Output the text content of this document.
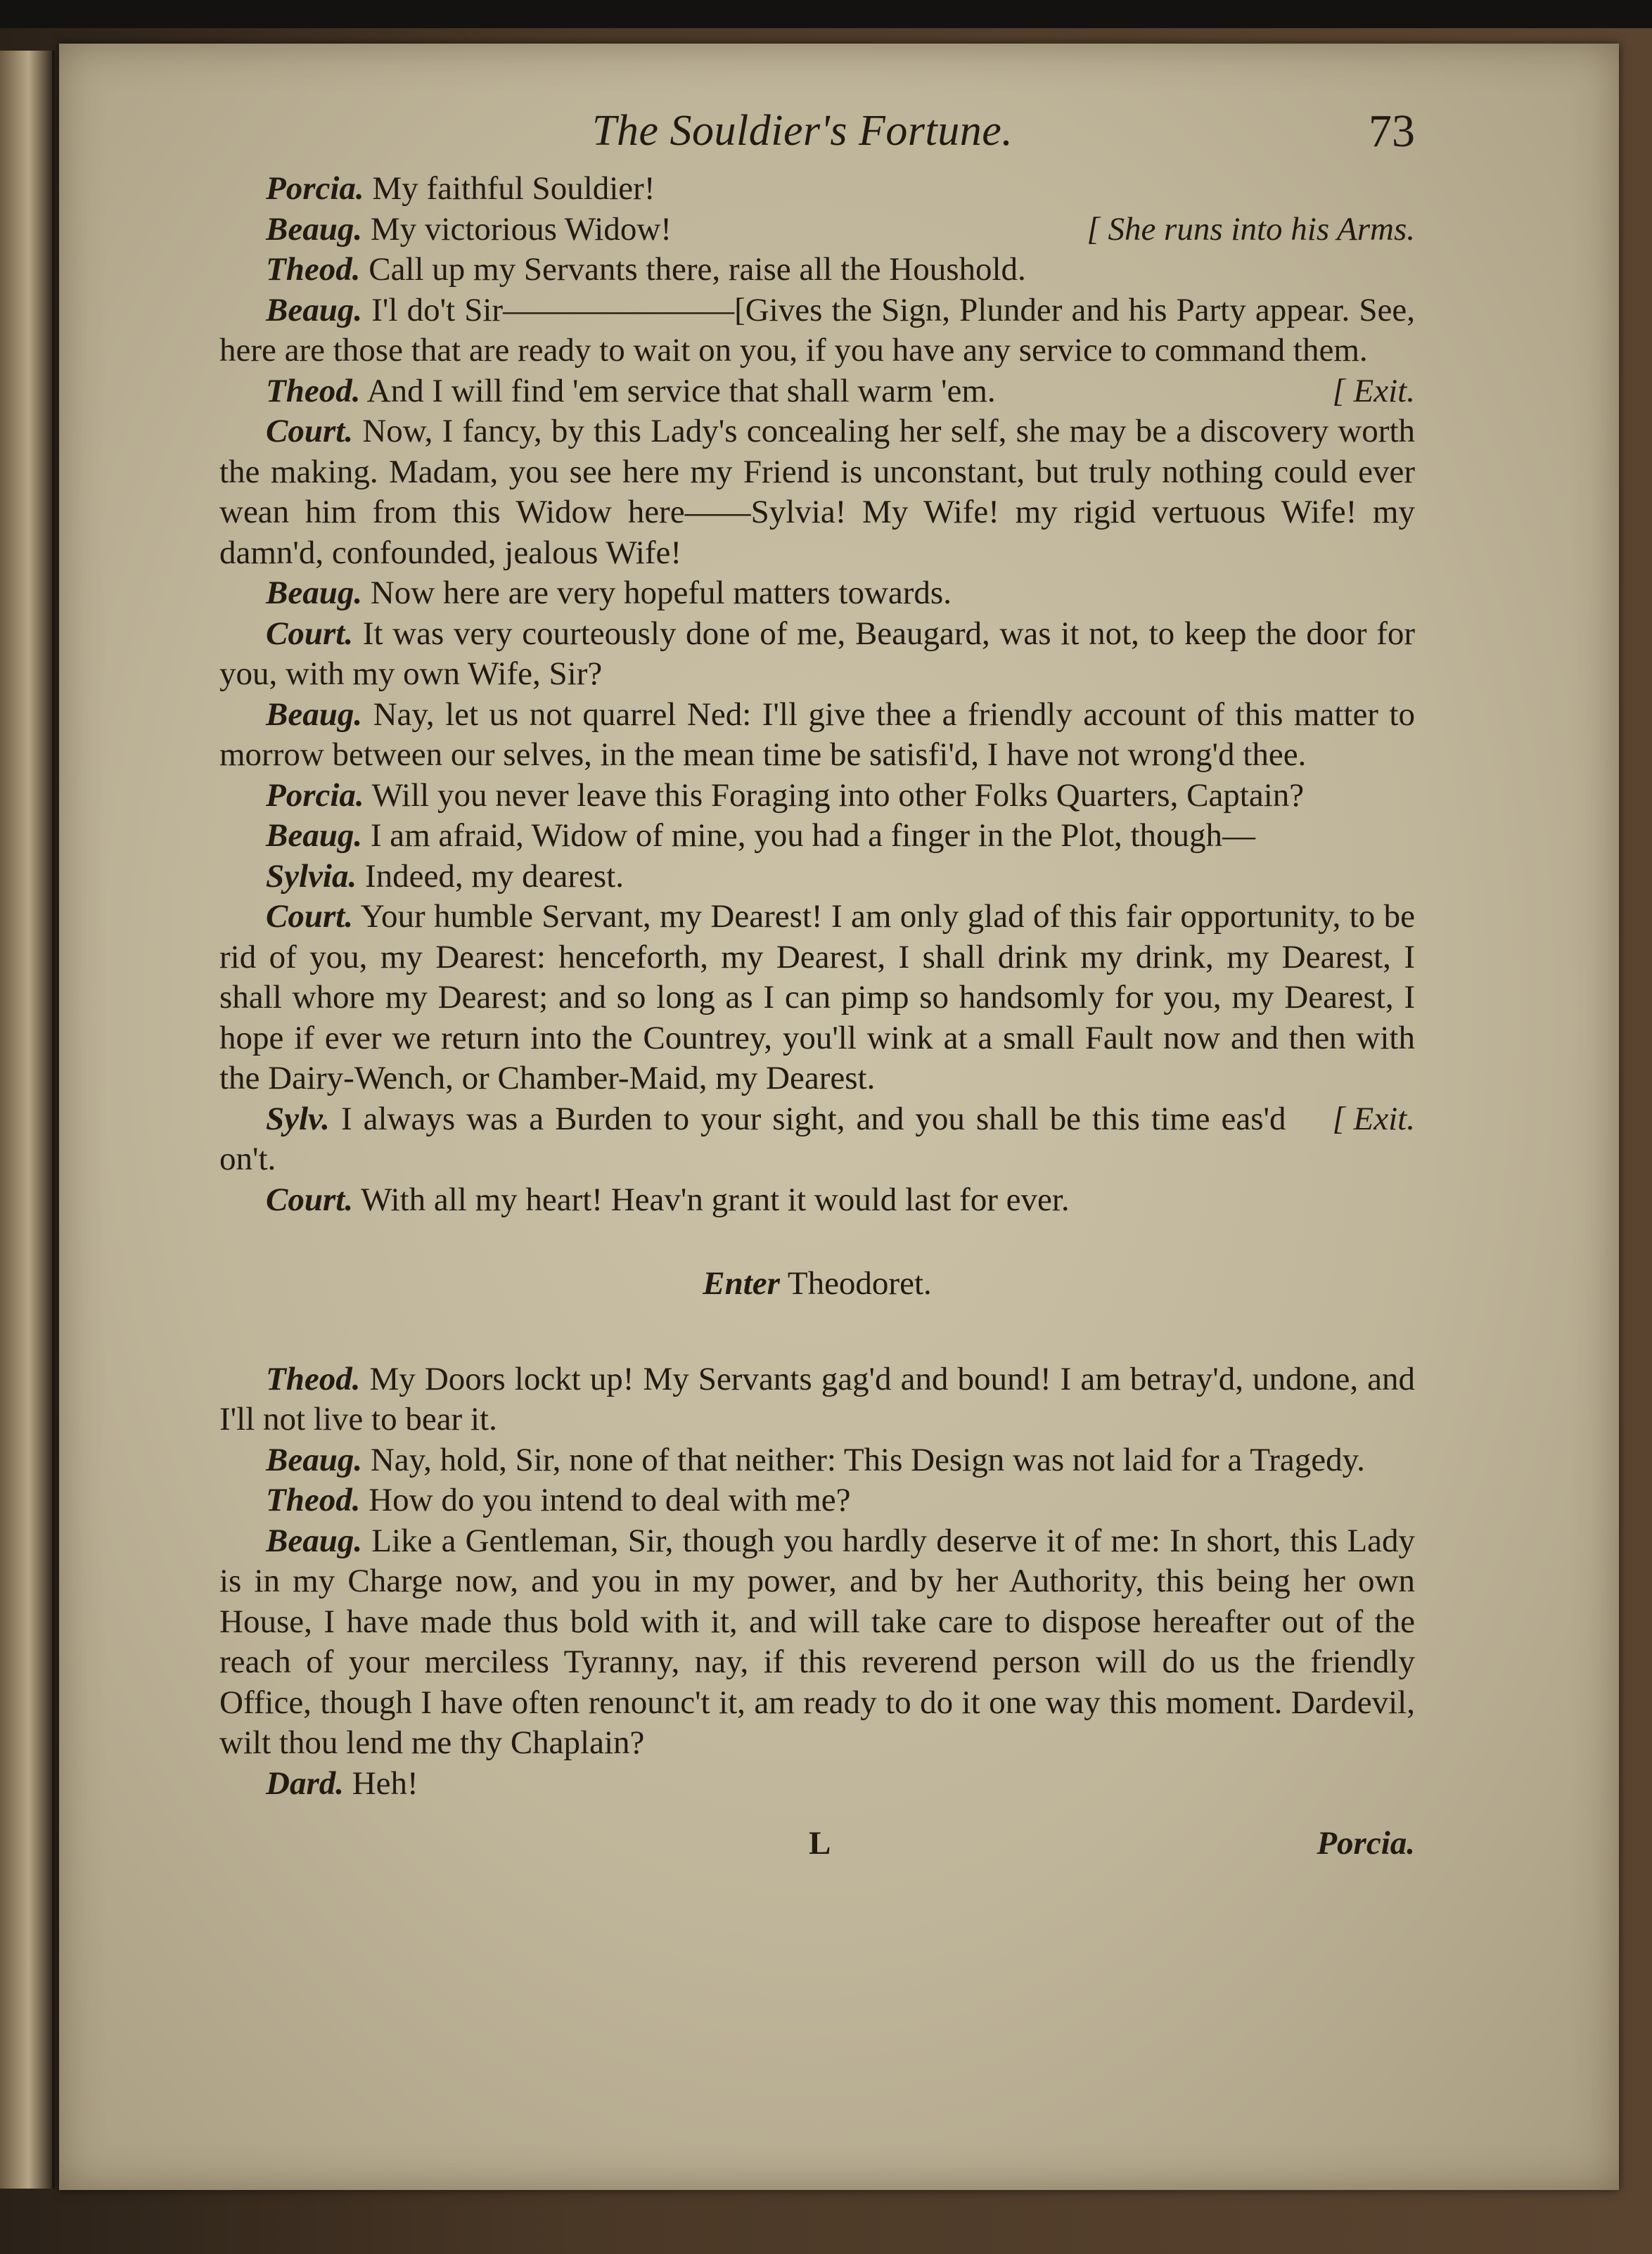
The Souldier's Fortune.	73

Porcia. My faithful Souldier!

[ She runs into his Arms.
Beaug. My victorious Widow!

Theod. Call up my Servants there, raise all the Houshold.

Beaug. I'l do't Sir———————[Gives the Sign, Plunder and his Party appear. See, here are those that are ready to wait on you, if you have any service to command them.

[ Exit.
Theod. And I will find 'em service that shall warm 'em.

Court. Now, I fancy, by this Lady's concealing her self, she may be a discovery worth the making. Madam, you see here my Friend is unconstant, but truly nothing could ever wean him from this Widow here——Sylvia! My Wife! my rigid vertuous Wife! my damn'd, confounded, jealous Wife!

Beaug. Now here are very hopeful matters towards.

Court. It was very courteously done of me, Beaugard, was it not, to keep the door for you, with my own Wife, Sir?

Beaug. Nay, let us not quarrel Ned: I'll give thee a friendly account of this matter to morrow between our selves, in the mean time be satisfi'd, I have not wrong'd thee.

Porcia. Will you never leave this Foraging into other Folks Quarters, Captain?

Beaug. I am afraid, Widow of mine, you had a finger in the Plot, though—

Sylvia. Indeed, my dearest.

Court. Your humble Servant, my Dearest! I am only glad of this fair opportunity, to be rid of you, my Dearest: henceforth, my Dearest, I shall drink my drink, my Dearest, I shall whore my Dearest; and so long as I can pimp so handsomly for you, my Dearest, I hope if ever we return into the Countrey, you'll wink at a small Fault now and then with the Dairy-Wench, or Chamber-Maid, my Dearest.

[ Exit.
Sylv. I always was a Burden to your sight, and you shall be this time eas'd on't.

Court. With all my heart! Heav'n grant it would last for ever.

Enter Theodoret.

Theod. My Doors lockt up! My Servants gag'd and bound! I am betray'd, undone, and I'll not live to bear it.

Beaug. Nay, hold, Sir, none of that neither: This Design was not laid for a Tragedy.

Theod. How do you intend to deal with me?

Beaug. Like a Gentleman, Sir, though you hardly deserve it of me: In short, this Lady is in my Charge now, and you in my power, and by her Authority, this being her own House, I have made thus bold with it, and will take care to dispose hereafter out of the reach of your merciless Tyranny, nay, if this reverend person will do us the friendly Office, though I have often renounc't it, am ready to do it one way this moment. Dardevil, wilt thou lend me thy Chaplain?

Dard. Heh!

L	Porcia.
